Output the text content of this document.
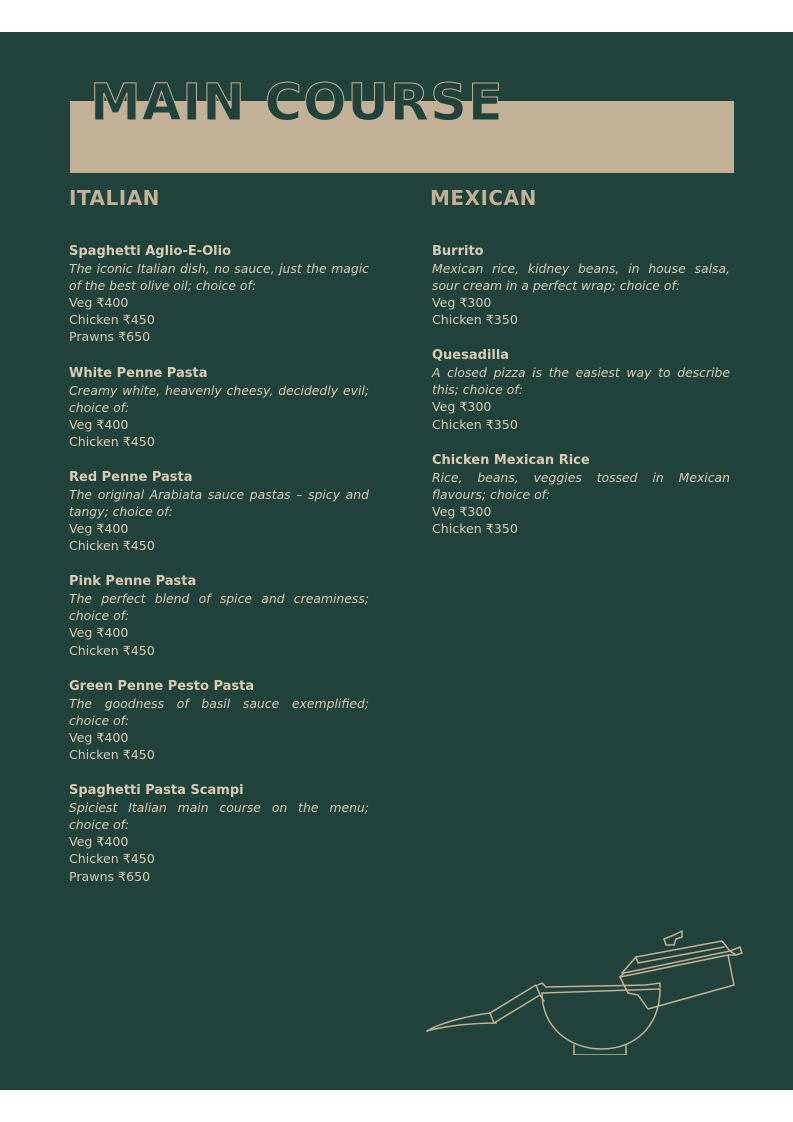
MAIN COURSE
ITALIAN
Spaghetti Aglio-E-Olio
The iconic Italian dish, no sauce, just the magic of the best olive oil; choice of:
Veg ₹400
Chicken ₹450
Prawns ₹650
White Penne Pasta
Creamy white, heavenly cheesy, decidedly evil; choice of:
Veg ₹400
Chicken ₹450
Red Penne Pasta
The original Arabiata sauce pastas – spicy and tangy; choice of:
Veg ₹400
Chicken ₹450
Pink Penne Pasta
The perfect blend of spice and creaminess; choice of:
Veg ₹400
Chicken ₹450
Green Penne Pesto Pasta
The goodness of basil sauce exemplified; choice of:
Veg ₹400
Chicken ₹450
Spaghetti Pasta Scampi
Spiciest Italian main course on the menu; choice of:
Veg ₹400
Chicken ₹450
Prawns ₹650
MEXICAN
Burrito
Mexican rice, kidney beans, in house salsa, sour cream in a perfect wrap; choice of:
Veg ₹300
Chicken ₹350
Quesadilla
A closed pizza is the easiest way to describe this; choice of:
Veg ₹300
Chicken ₹350
Chicken Mexican Rice
Rice, beans, veggies tossed in Mexican flavours; choice of:
Veg ₹300
Chicken ₹350
